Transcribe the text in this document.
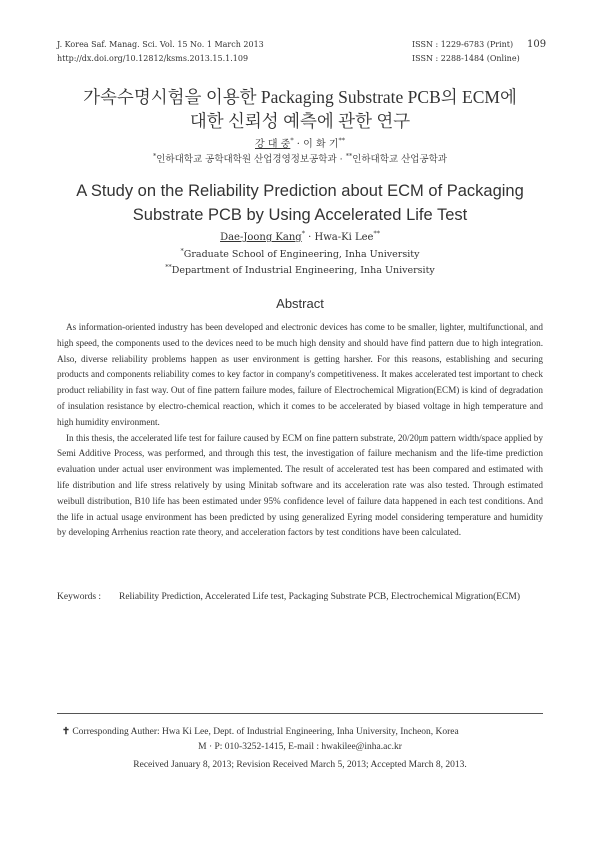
J. Korea Saf. Manag. Sci. Vol. 15 No. 1 March 2013
http://dx.doi.org/10.12812/ksms.2013.15.1.109
ISSN : 1229-6783 (Print)
ISSN : 2288-1484 (Online)
109
가속수명시험을 이용한 Packaging Substrate PCB의 ECM에
대한 신뢰성 예측에 관한 연구
강 대 중* · 이 화 기**
*인하대학교 공학대학원 산업경영정보공학과 · **인하대학교 산업공학과
A Study on the Reliability Prediction about ECM of Packaging
Substrate PCB by Using Accelerated Life Test
Dae-Joong Kang* · Hwa-Ki Lee**
*Graduate School of Engineering, Inha University
**Department of Industrial Engineering, Inha University
Abstract

As information-oriented industry has been developed and electronic devices has come to be smaller, lighter, multifunctional, and high speed, the components used to the devices need to be much high density and should have find pattern due to high integration. Also, diverse reliability problems happen as user environment is getting harsher. For this reasons, establishing and securing products and components reliability comes to key factor in company's competitiveness. It makes accelerated test important to check product reliability in fast way. Out of fine pattern failure modes, failure of Electrochemical Migration(ECM) is kind of degradation of insulation resistance by electro-chemical reaction, which it comes to be accelerated by biased voltage in high temperature and high humidity environment.

In this thesis, the accelerated life test for failure caused by ECM on fine pattern substrate, 20/20㎛ pattern width/space applied by Semi Additive Process, was performed, and through this test, the investigation of failure mechanism and the life-time prediction evaluation under actual user environment was implemented. The result of accelerated test has been compared and estimated with life distribution and life stress relatively by using Minitab software and its acceleration rate was also tested. Through estimated weibull distribution, B10 life has been estimated under 95% confidence level of failure data happened in each test conditions. And the life in actual usage environment has been predicted by using generalized Eyring model considering temperature and humidity by developing Arrhenius reaction rate theory, and acceleration factors by test conditions have been calculated.

Keywords : Reliability Prediction, Accelerated Life test, Packaging Substrate PCB, Electrochemical Migration(ECM)
✝ Corresponding Auther: Hwa Ki Lee, Dept. of Industrial Engineering, Inha University, Incheon, Korea
M · P: 010-3252-1415, E-mail : hwakilee@inha.ac.kr
Received January 8, 2013; Revision Received March 5, 2013; Accepted March 8, 2013.
